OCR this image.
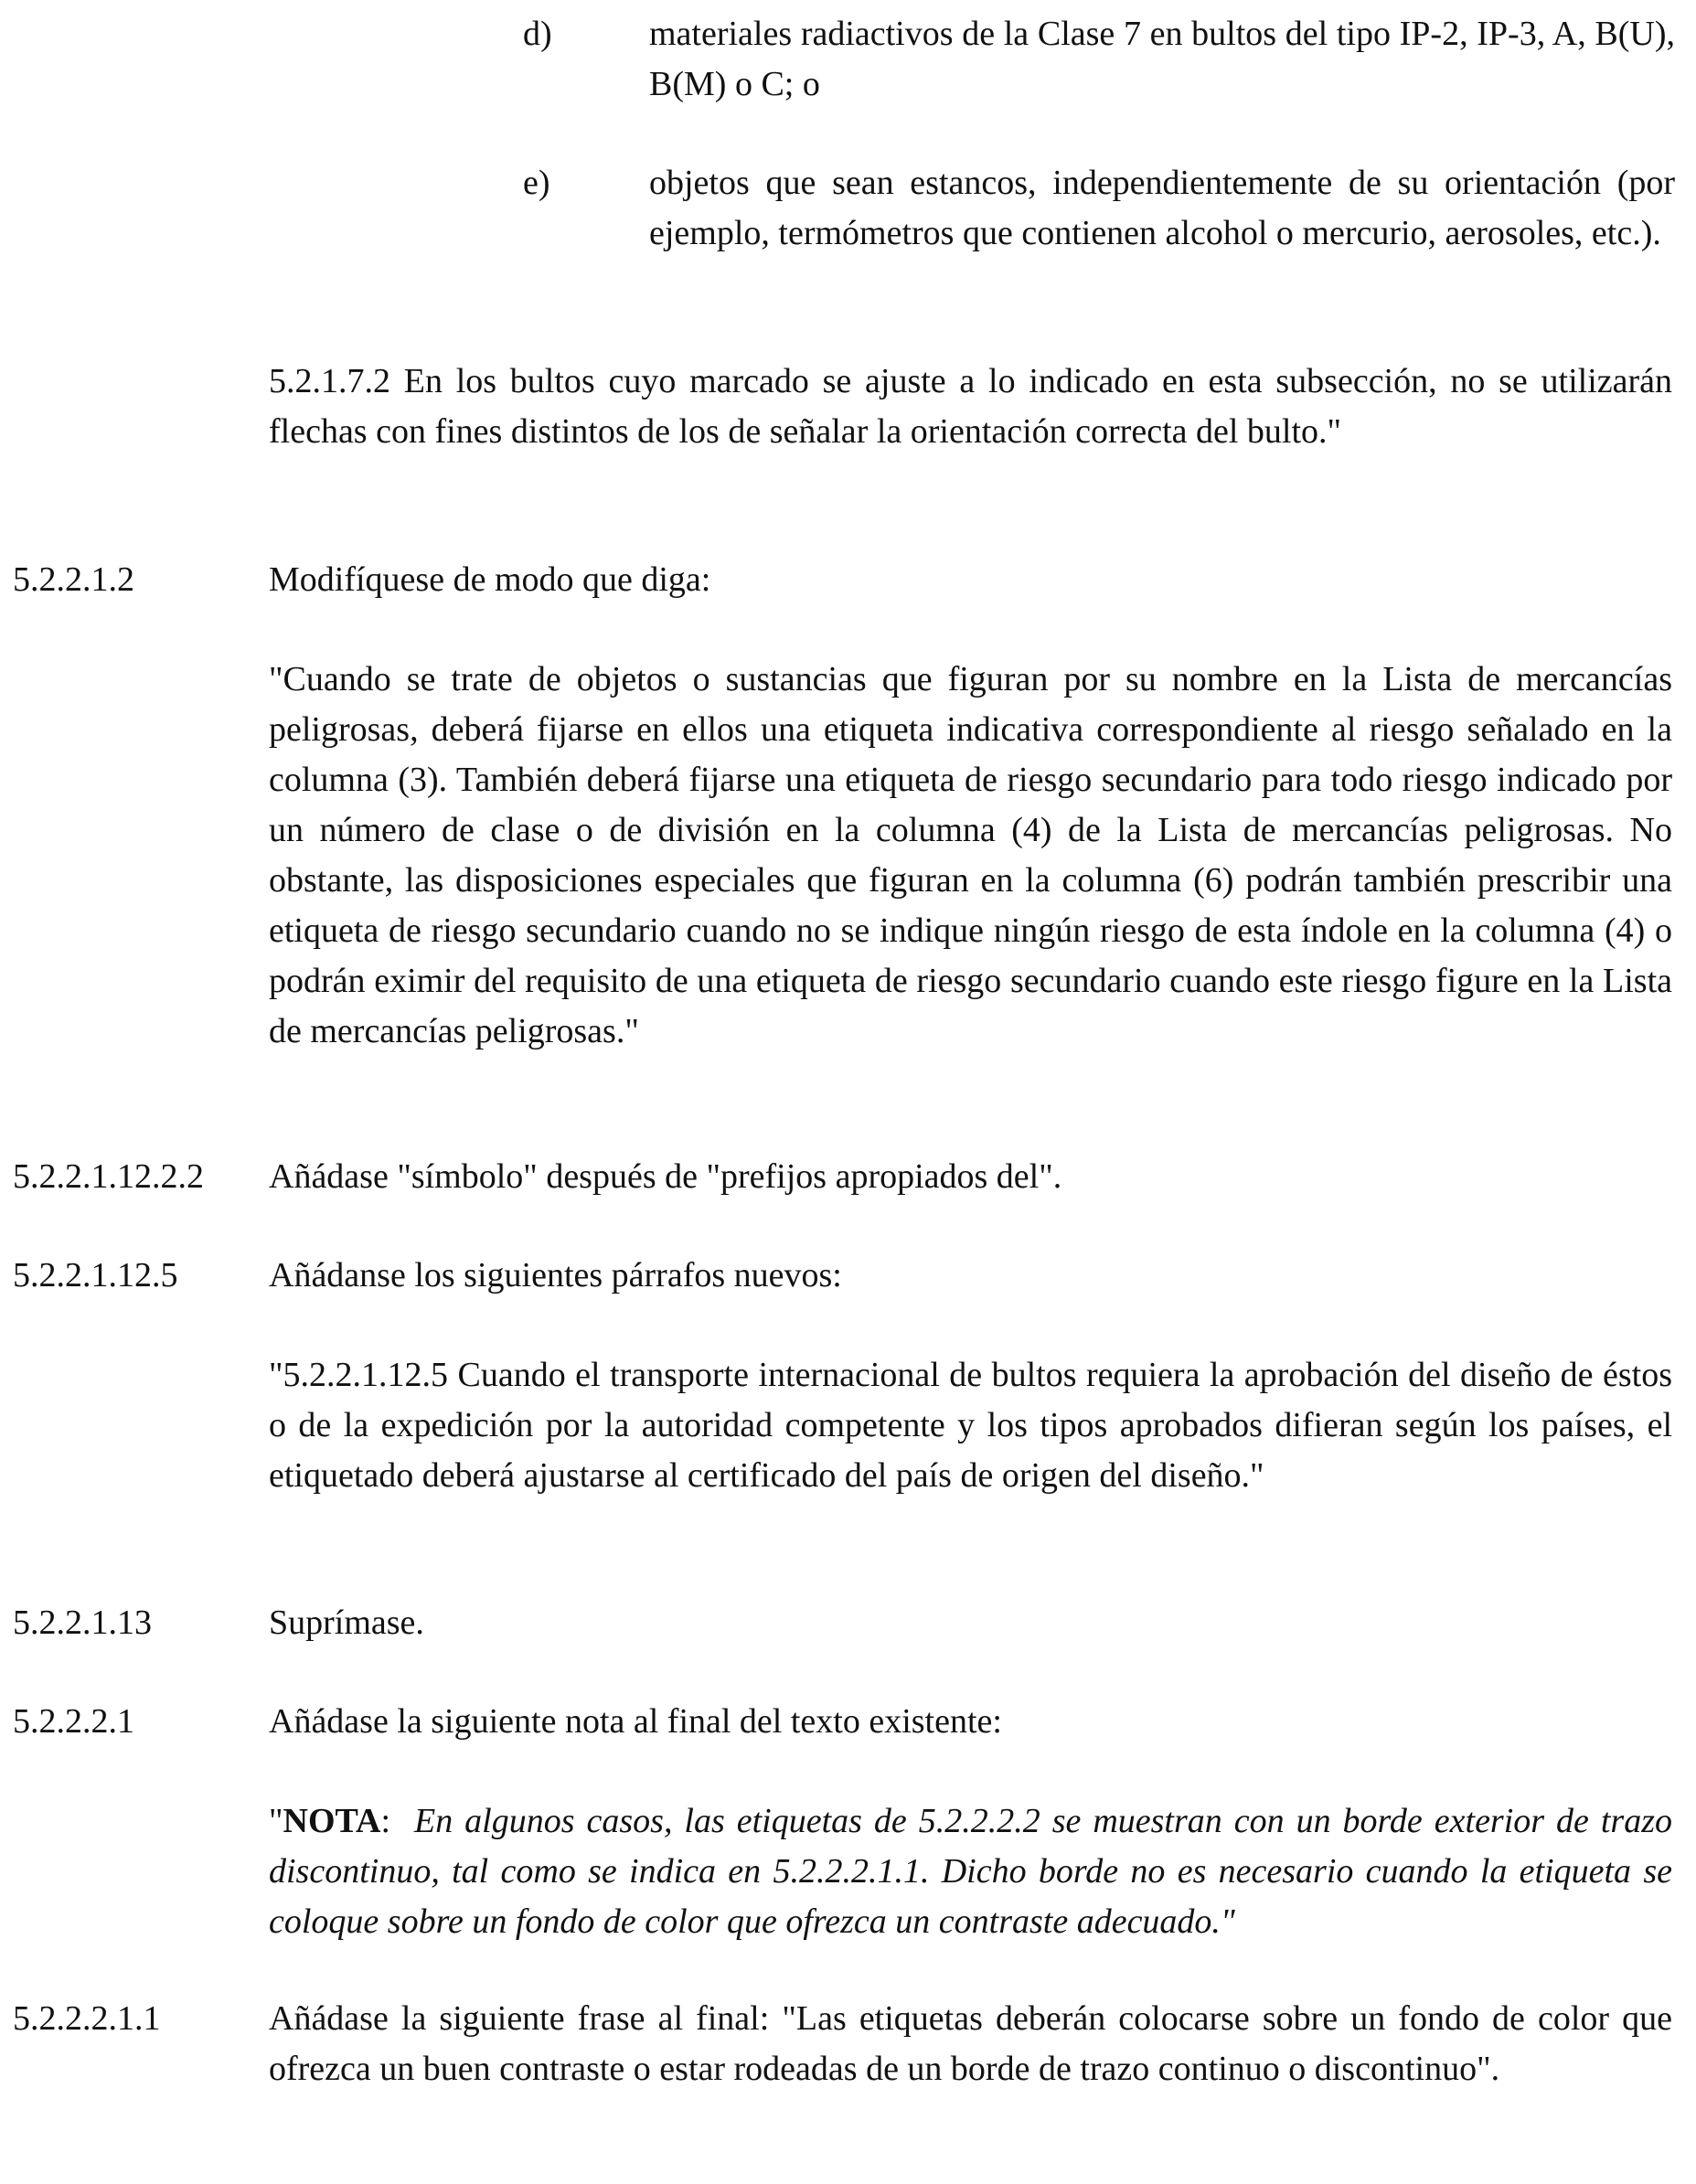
d)	materiales radiactivos de la Clase 7 en bultos del tipo IP-2, IP-3, A, B(U), B(M) o C; o
e)	objetos que sean estancos, independientemente de su orientación (por ejemplo, termómetros que contienen alcohol o mercurio, aerosoles, etc.).
5.2.1.7.2 En los bultos cuyo marcado se ajuste a lo indicado en esta subsección, no se utilizarán flechas con fines distintos de los de señalar la orientación correcta del bulto."
5.2.2.1.2	Modifíquese de modo que diga:
"Cuando se trate de objetos o sustancias que figuran por su nombre en la Lista de mercancías peligrosas, deberá fijarse en ellos una etiqueta indicativa correspondiente al riesgo señalado en la columna (3). También deberá fijarse una etiqueta de riesgo secundario para todo riesgo indicado por un número de clase o de división en la columna (4) de la Lista de mercancías peligrosas. No obstante, las disposiciones especiales que figuran en la columna (6) podrán también prescribir una etiqueta de riesgo secundario cuando no se indique ningún riesgo de esta índole en la columna (4) o podrán eximir del requisito de una etiqueta de riesgo secundario cuando este riesgo figure en la Lista de mercancías peligrosas."
5.2.2.1.12.2.2 Añádase "símbolo" después de "prefijos apropiados del".
5.2.2.1.12.5	Añádanse los siguientes párrafos nuevos:
"5.2.2.1.12.5 Cuando el transporte internacional de bultos requiera la aprobación del diseño de éstos o de la expedición por la autoridad competente y los tipos aprobados difieran según los países, el etiquetado deberá ajustarse al certificado del país de origen del diseño."
5.2.2.1.13	Suprímase.
5.2.2.2.1	Añádase la siguiente nota al final del texto existente:
"NOTA: En algunos casos, las etiquetas de 5.2.2.2.2 se muestran con un borde exterior de trazo discontinuo, tal como se indica en 5.2.2.2.1.1. Dicho borde no es necesario cuando la etiqueta se coloque sobre un fondo de color que ofrezca un contraste adecuado."
5.2.2.2.1.1	Añádase la siguiente frase al final: "Las etiquetas deberán colocarse sobre un fondo de color que ofrezca un buen contraste o estar rodeadas de un borde de trazo continuo o discontinuo".
